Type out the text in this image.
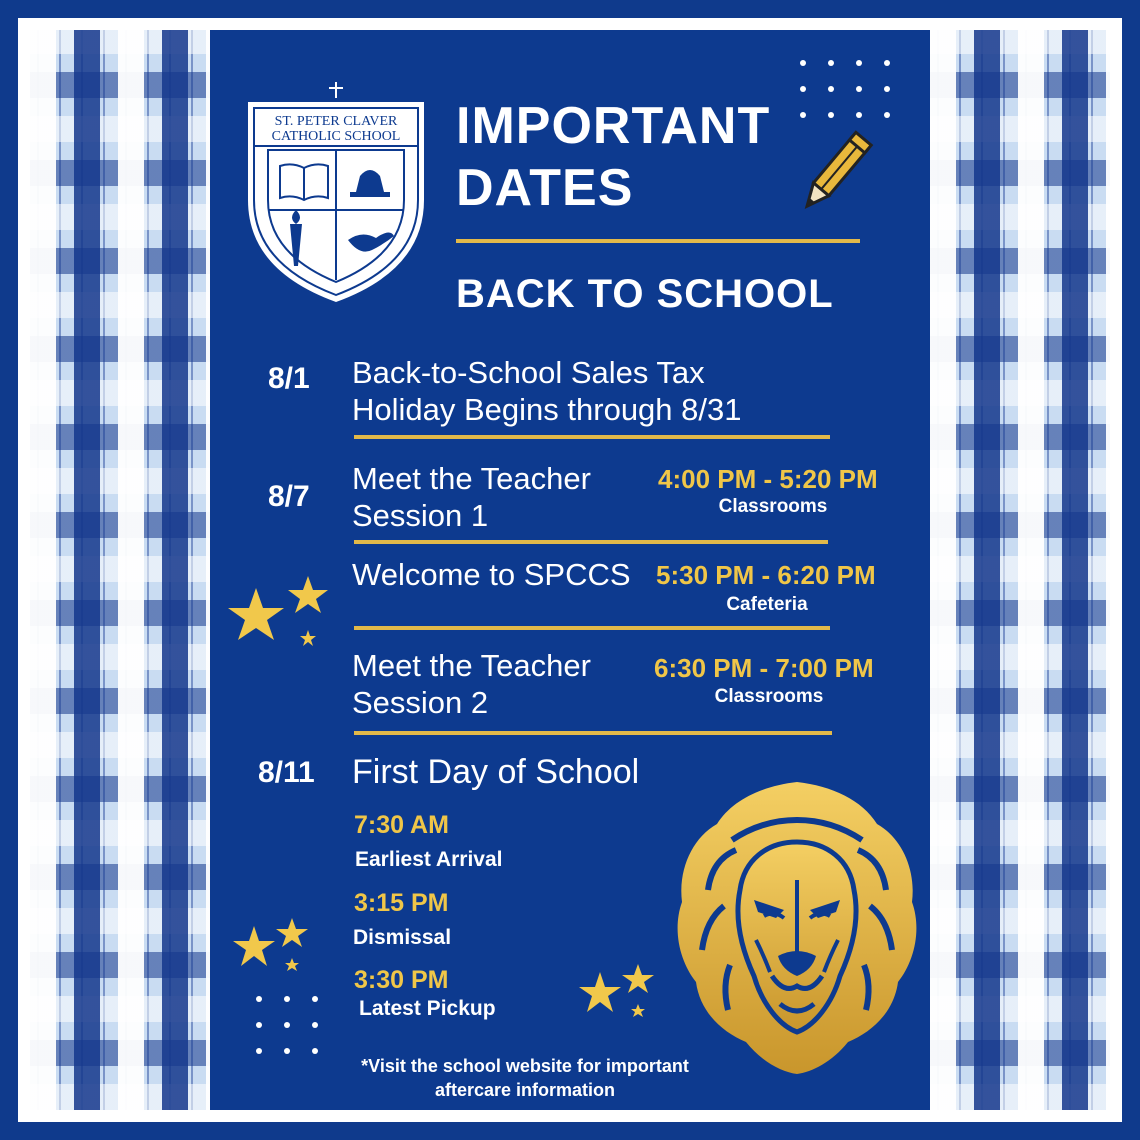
ST. PETER CLAVER
CATHOLIC SCHOOL IMPORTANT
DATES
BACK TO SCHOOL
8/1 Back-to-School Sales Tax
Holiday Begins through 8/31
8/7
Meet the Teacher
Session 1
4:00 PM - 5:20 PM
Classrooms
Welcome to SPCCS 5:30 PM - 6:20 PM
Cafeteria
Meet the Teacher
Session 2
6:30 PM - 7:00 PM
Classrooms
8/11 First Day of School
7:30 AM
Earliest Arrival
3:15 PM
Dismissal
3:30 PM
Latest Pickup
*Visit the school website for important
aftercare information
